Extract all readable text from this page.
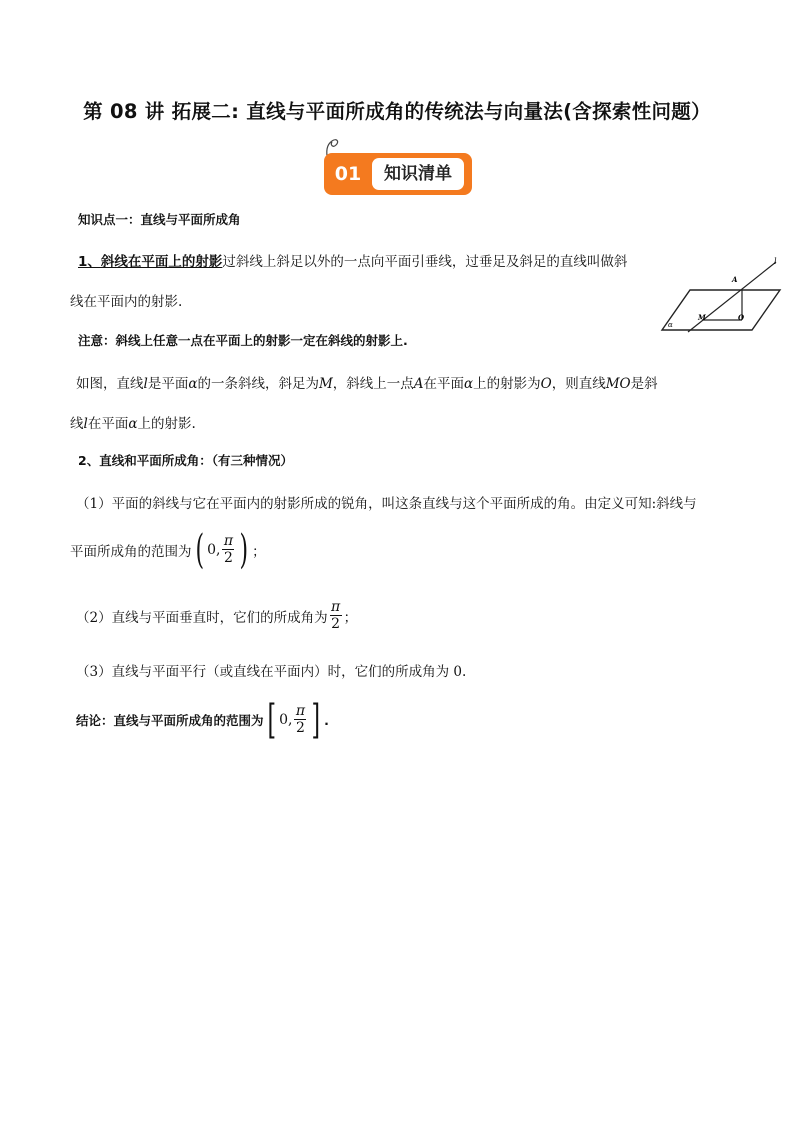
第 08 讲 拓展二: 直线与平面所成角的传统法与向量法(含探索性问题）
01	知识清单
知识点一：直线与平面所成角
1、斜线在平面上的射影过斜线上斜足以外的一点向平面引垂线，过垂足及斜足的直线叫做斜
线在平面内的射影.
注意：斜线上任意一点在平面上的射影一定在斜线的射影上.
如图，直线l是平面α的一条斜线，斜足为M，斜线上一点A在平面α上的射影为O，则直线MO是斜
线l在平面α上的射影.
2、直线和平面所成角：（有三种情况）
（1）平面的斜线与它在平面内的射影所成的锐角，叫这条直线与这个平面所成的角。由定义可知:斜线与
平面所成角的范围为 ( 0, $\frac{\pi}{2}$ ) ；
（2）直线与平面垂直时，它们的所成角为 $\frac{\pi}{2}$ ；
（3）直线与平面平行（或直线在平面内）时，它们的所成角为 0.
结论：直线与平面所成角的范围为 [ 0, $\frac{\pi}{2}$ ] .
l
A
M	O
α
